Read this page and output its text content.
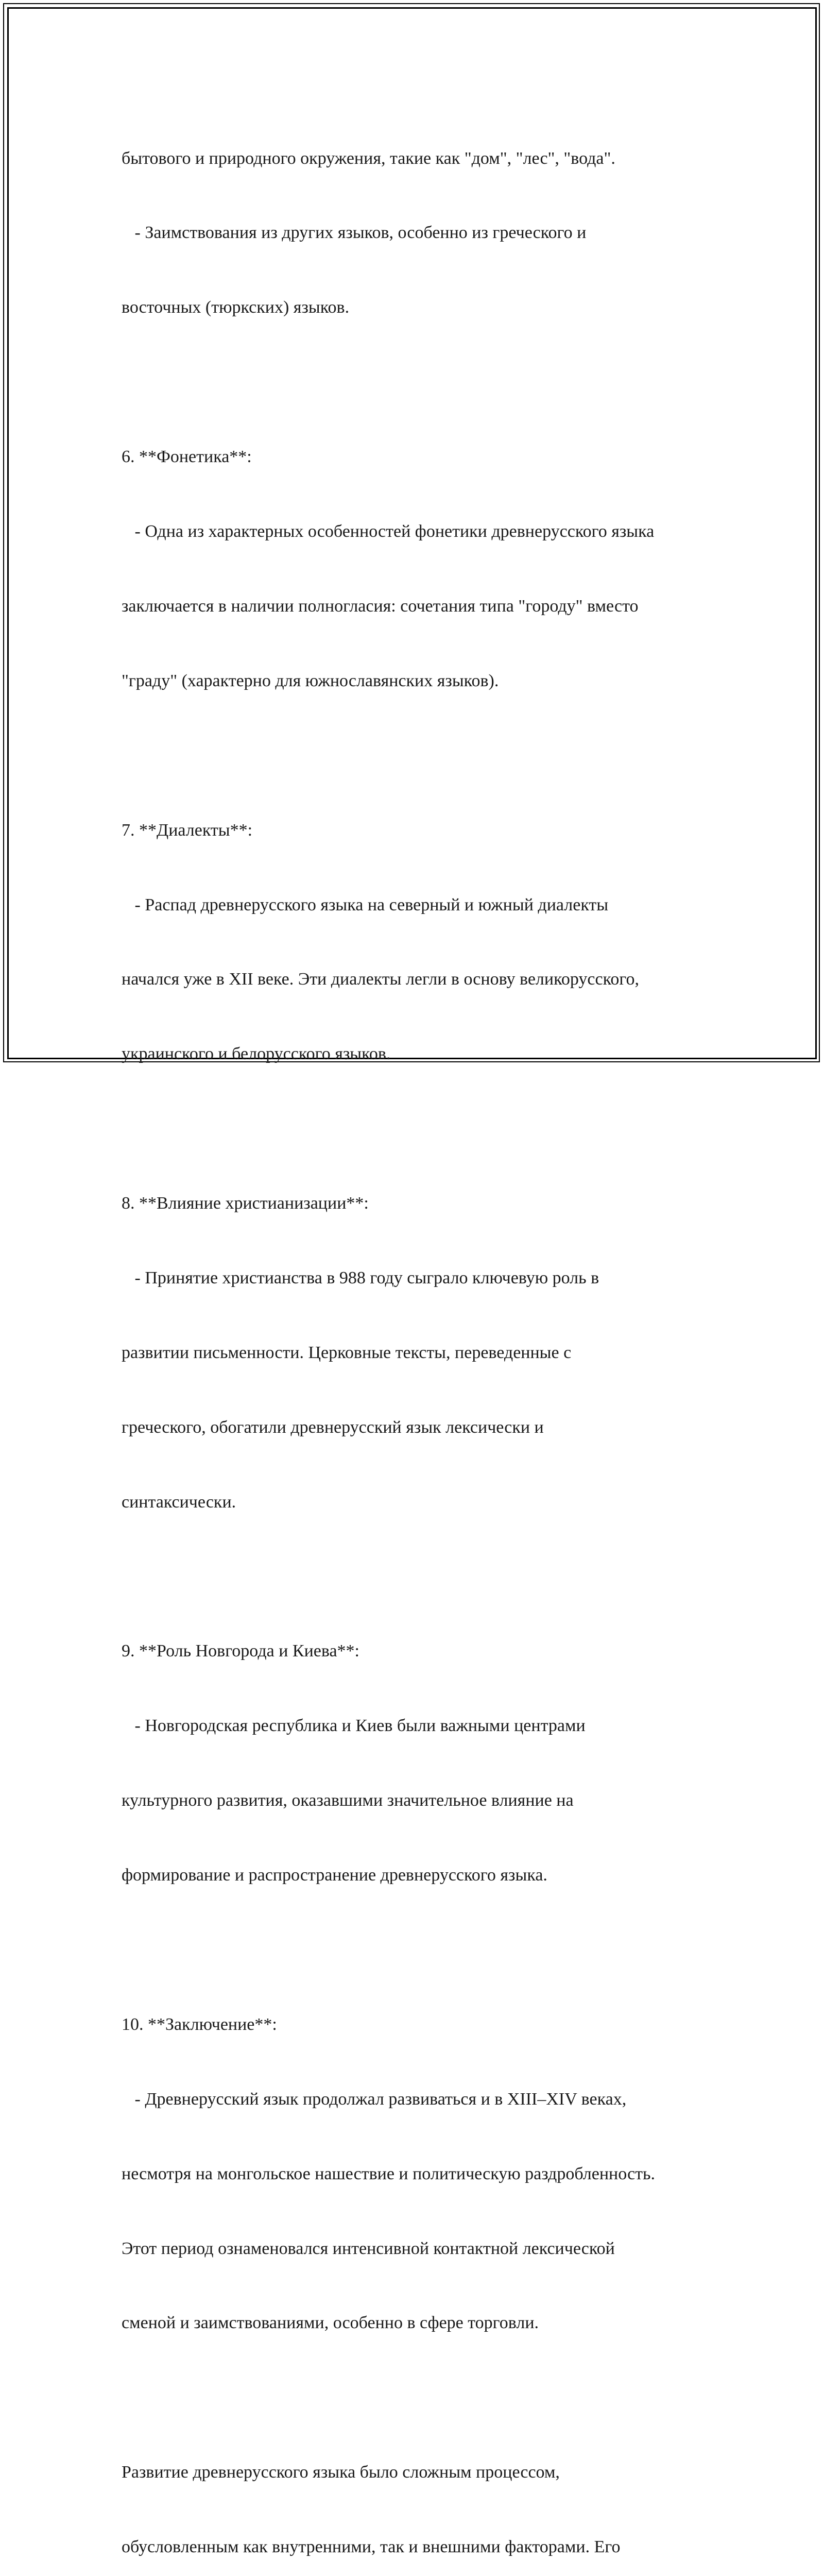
бытового и природного окружения, такие как "дом", "лес", "вода".

- Заимствования из других языков, особенно из греческого и

восточных (тюркских) языков.

6. **Фонетика**:

- Одна из характерных особенностей фонетики древнерусского языка

заключается в наличии полногласия: сочетания типа "городу" вместо

"граду" (характерно для южнославянских языков).

7. **Диалекты**:

- Распад древнерусского языка на северный и южный диалекты

начался уже в XII веке. Эти диалекты легли в основу великорусского,

украинского и белорусского языков.

8. **Влияние христианизации**:

- Принятие христианства в 988 году сыграло ключевую роль в

развитии письменности. Церковные тексты, переведенные с

греческого, обогатили древнерусский язык лексически и

синтаксически.

9. **Роль Новгорода и Киева**:

- Новгородская республика и Киев были важными центрами

культурного развития, оказавшими значительное влияние на

формирование и распространение древнерусского языка.

10. **Заключение**:

- Древнерусский язык продолжал развиваться и в XIII–XIV веках,

несмотря на монгольское нашествие и политическую раздробленность.

Этот период ознаменовался интенсивной контактной лексической

сменой и заимствованиями, особенно в сфере торговли.

Развитие древнерусского языка было сложным процессом,

обусловленным как внутренними, так и внешними факторами. Его
